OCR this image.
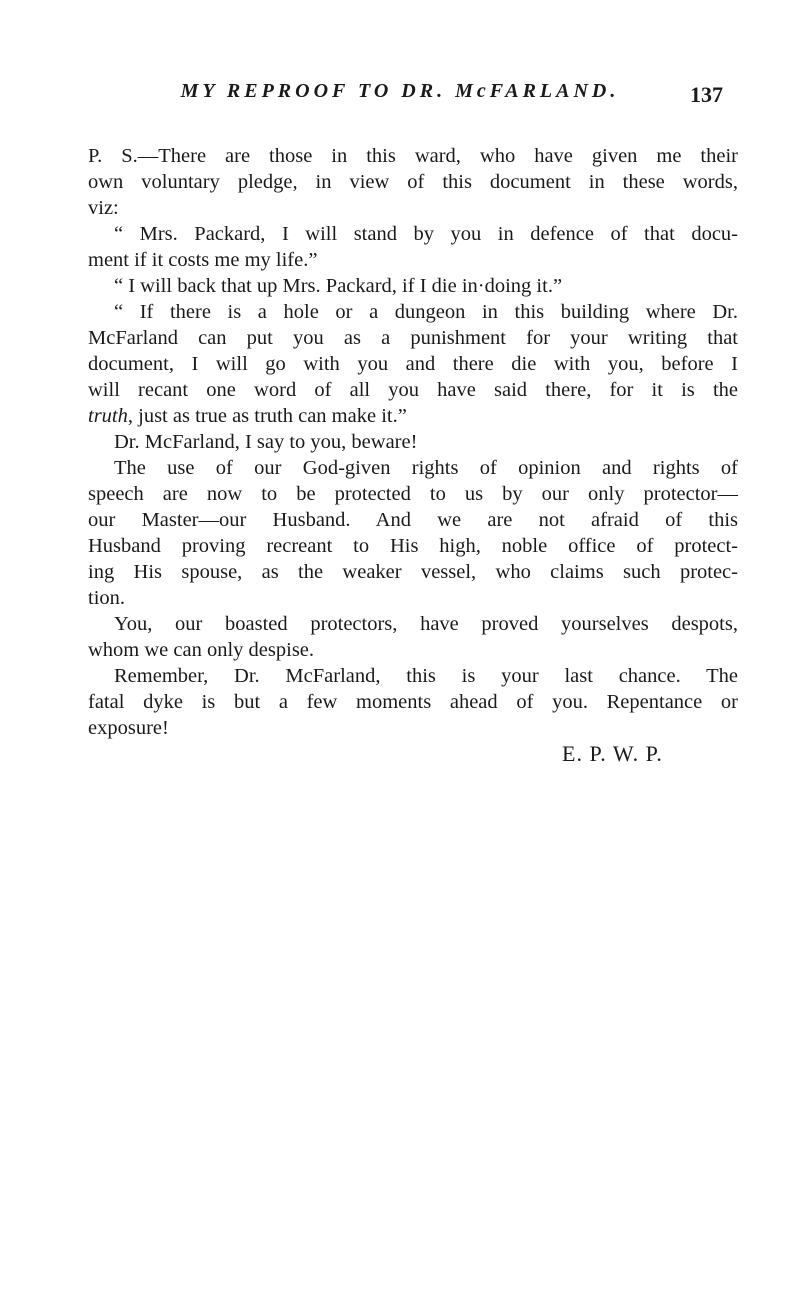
MY REPROOF TO DR. McFARLAND.	137
P. S.—There are those in this ward, who have given me their
own voluntary pledge, in view of this document in these words,
viz:
“ Mrs. Packard, I will stand by you in defence of that docu-
ment if it costs me my life.”
“ I will back that up Mrs. Packard, if I die in·doing it.”
“ If there is a hole or a dungeon in this building where Dr.
McFarland can put you as a punishment for your writing that
document, I will go with you and there die with you, before I
will recant one word of all you have said there, for it is the
truth, just as true as truth can make it.”
Dr. McFarland, I say to you, beware!
The use of our God-given rights of opinion and rights of
speech are now to be protected to us by our only protector—
our Master—our Husband. And we are not afraid of this
Husband proving recreant to His high, noble office of protect-
ing His spouse, as the weaker vessel, who claims such protec-
tion.
You, our boasted protectors, have proved yourselves despots,
whom we can only despise.
Remember, Dr. McFarland, this is your last chance. The
fatal dyke is but a few moments ahead of you. Repentance or
exposure!
E. P. W. P.
